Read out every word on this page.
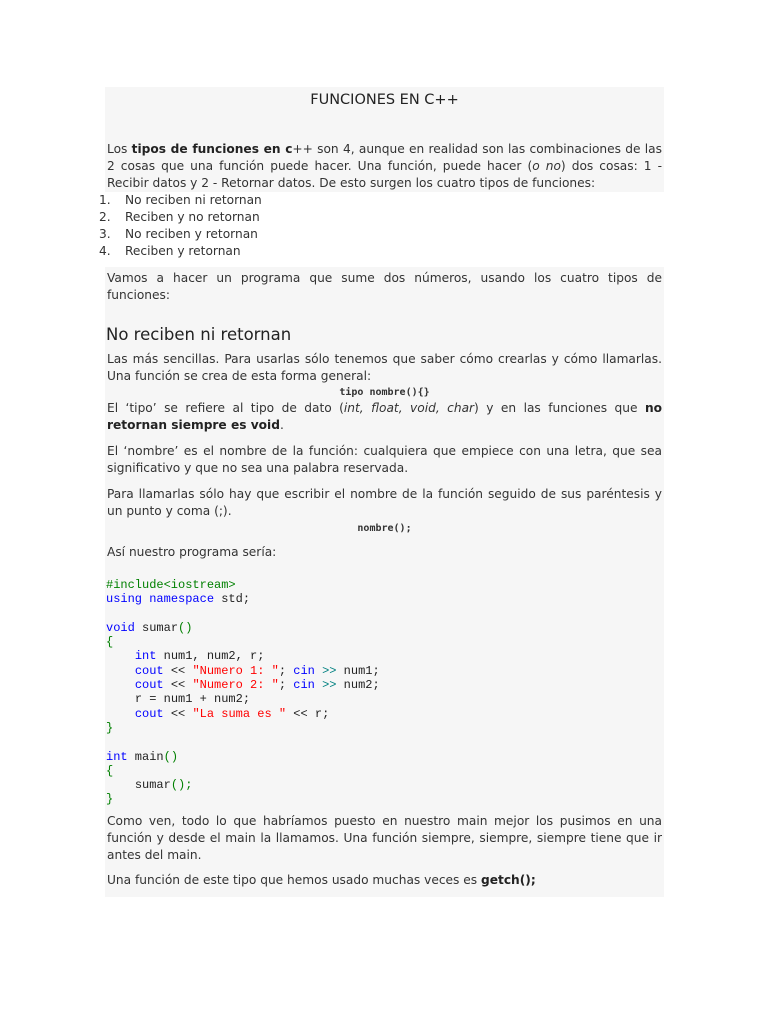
FUNCIONES EN C++

Los tipos de funciones en c++ son 4, aunque en realidad son las combinaciones de las 2 cosas que una función puede hacer. Una función, puede hacer (o no) dos cosas: 1 - Recibir datos y 2 - Retornar datos. De esto surgen los cuatro tipos de funciones:

1.	No reciben ni retornan
2.	Reciben y no retornan
3.	No reciben y retornan
4.	Reciben y retornan

Vamos a hacer un programa que sume dos números, usando los cuatro tipos de funciones:

No reciben ni retornan

Las más sencillas. Para usarlas sólo tenemos que saber cómo crearlas y cómo llamarlas. Una función se crea de esta forma general:

tipo nombre(){}

El ‘tipo’ se refiere al tipo de dato (int, float, void, char) y en las funciones que no retornan siempre es void.

El ‘nombre’ es el nombre de la función: cualquiera que empiece con una letra, que sea significativo y que no sea una palabra reservada.

Para llamarlas sólo hay que escribir el nombre de la función seguido de sus paréntesis y un punto y coma (;).

nombre();

Así nuestro programa sería:

#include<iostream>
using namespace std;

void sumar()
{
int num1, num2, r;
cout << "Numero 1: "; cin >> num1;
cout << "Numero 2: "; cin >> num2;
r = num1 + num2;
cout << "La suma es " << r;
}

int main()
{
sumar();
}

Como ven, todo lo que habríamos puesto en nuestro main mejor los pusimos en una función y desde el main la llamamos. Una función siempre, siempre, siempre tiene que ir antes del main.

Una función de este tipo que hemos usado muchas veces es getch();
